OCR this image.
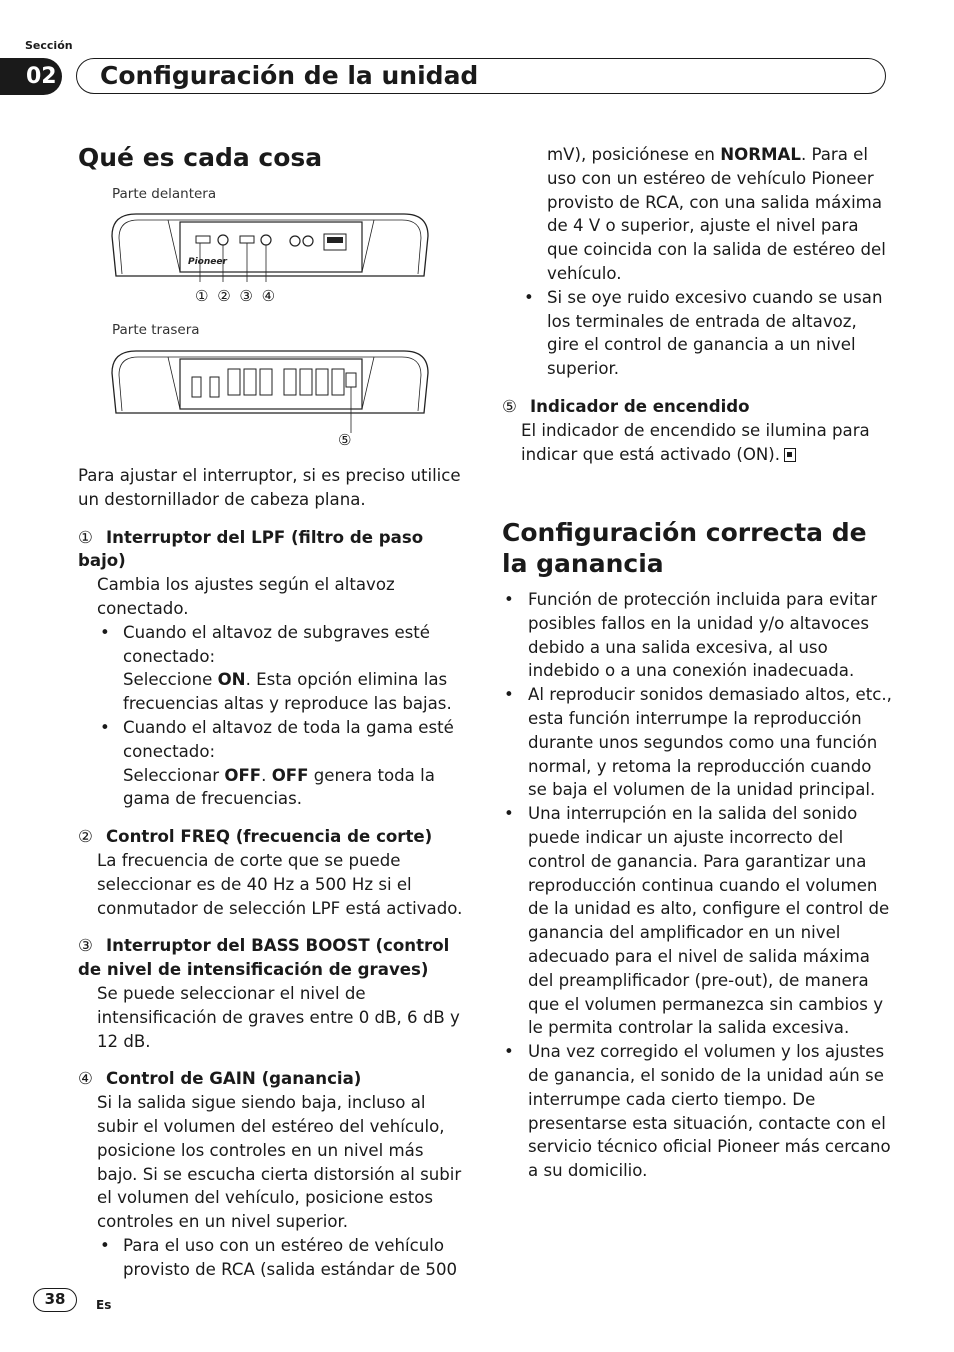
Sección
02 Configuración de la unidad
Qué es cada cosa
Parte delantera
Pioneer
① ② ③ ④
Parte trasera
⑤

Para ajustar el interruptor, si es preciso utilice un destornillador de cabeza plana.

① Interruptor del LPF (filtro de paso bajo)

Cambia los ajustes según el altavoz conectado.

• Cuando el altavoz de subgraves esté conectado:
Seleccione ON. Esta opción elimina las frecuencias altas y reproduce las bajas.

• Cuando el altavoz de toda la gama esté conectado:
Seleccionar OFF. OFF genera toda la gama de frecuencias.

② Control FREQ (frecuencia de corte)

La frecuencia de corte que se puede seleccionar es de 40 Hz a 500 Hz si el conmutador de selección LPF está activado.

③ Interruptor del BASS BOOST (control de nivel de intensificación de graves)

Se puede seleccionar el nivel de intensificación de graves entre 0 dB, 6 dB y 12 dB.

④ Control de GAIN (ganancia)

Si la salida sigue siendo baja, incluso al subir el volumen del estéreo del vehículo, posicione los controles en un nivel más bajo. Si se escucha cierta distorsión al subir el volumen del vehículo, posicione estos controles en un nivel superior.

• Para el uso con un estéreo de vehículo provisto de RCA (salida estándar de 500

mV), posiciónese en NORMAL. Para el uso con un estéreo de vehículo Pioneer provisto de RCA, con una salida máxima de 4 V o superior, ajuste el nivel para que coincida con la salida de estéreo del vehículo.

• Si se oye ruido excesivo cuando se usan los terminales de entrada de altavoz, gire el control de ganancia a un nivel superior.

⑤ Indicador de encendido

El indicador de encendido se ilumina para indicar que está activado (ON).

Configuración correcta de la ganancia

• Función de protección incluida para evitar posibles fallos en la unidad y/o altavoces debido a una salida excesiva, al uso indebido o a una conexión inadecuada.

• Al reproducir sonidos demasiado altos, etc., esta función interrumpe la reproducción durante unos segundos como una función normal, y retoma la reproducción cuando se baja el volumen de la unidad principal.

• Una interrupción en la salida del sonido puede indicar un ajuste incorrecto del control de ganancia. Para garantizar una reproducción continua cuando el volumen de la unidad es alto, configure el control de ganancia del amplificador en un nivel adecuado para el nivel de salida máxima del preamplificador (pre-out), de manera que el volumen permanezca sin cambios y le permita controlar la salida excesiva.

• Una vez corregido el volumen y los ajustes de ganancia, el sonido de la unidad aún se interrumpe cada cierto tiempo. De presentarse esta situación, contacte con el servicio técnico oficial Pioneer más cercano a su domicilio.

38	Es
